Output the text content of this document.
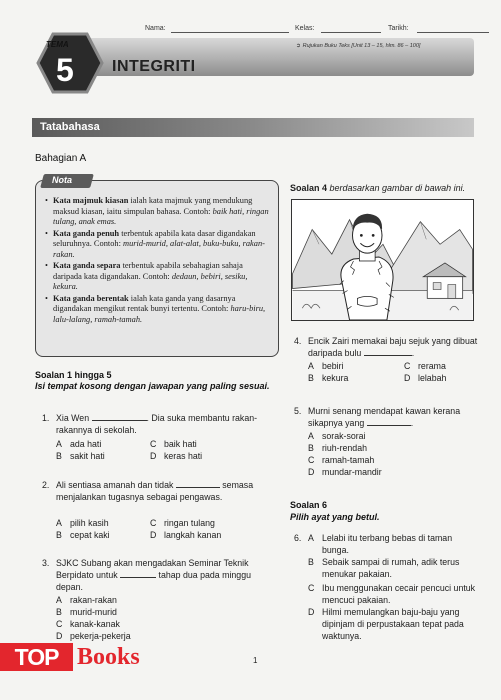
Nama:	Kelas:	Tarikh:
TEMA
5 INTEGRITI
➲ Rujukan Buku Teks [Unit 13 – 15, hlm. 86 – 100]
Tatabahasa
Bahagian A
Nota
• Kata majmuk kiasan ialah kata majmuk yang mendukung maksud kiasan, iaitu simpulan bahasa. Contoh: baik hati, ringan tulang, anak emas.
• Kata ganda penuh terbentuk apabila kata dasar digandakan seluruhnya. Contoh: murid-murid, alat-alat, buku-buku, rakan-rakan.
• Kata ganda separa terbentuk apabila sebahagian sahaja daripada kata digandakan. Contoh: dedaun, bebiri, sesiku, kekura.
• Kata ganda berentak ialah kata ganda yang dasarnya digandakan mengikut rentak bunyi tertentu. Contoh: haru-biru, lalu-lalang, ramah-tamah.
Soalan 1 hingga 5
Isi tempat kosong dengan jawapan yang paling sesuai.
1. Xia Wen	. Dia suka membantu rakan-rakannya di sekolah.
A ada hati	C baik hati
B sakit hati	D keras hati
2. Ali sentiasa amanah dan tidak	semasa menjalankan tugasnya sebagai pengawas.
A pilih kasih	C ringan tulang
B cepat kaki	D langkah kanan
3. SJKC Subang akan mengadakan Seminar Teknik Berpidato untuk	tahap dua pada minggu depan.
A rakan-rakan
B murid-murid
C kanak-kanak
D pekerja-pekerja
Soalan 4 berdasarkan gambar di bawah ini.
4. Encik Zairi memakai baju sejuk yang dibuat daripada bulu	.
A bebiri	C rerama
B kekura	D lelabah
5. Murni senang mendapat kawan kerana sikapnya yang	.
A sorak-sorai
B riuh-rendah
C ramah-tamah
D mundar-mandir
Soalan 6
Pilih ayat yang betul.
6. A Lelabi itu terbang bebas di taman bunga.
B Sebaik sampai di rumah, adik terus menukar pakaian.
C Ibu menggunakan cecair pencuci untuk mencuci pakaian.
D Hilmi memulangkan baju-baju yang dipinjam di perpustakaan tepat pada waktunya.
1
TOP Books
